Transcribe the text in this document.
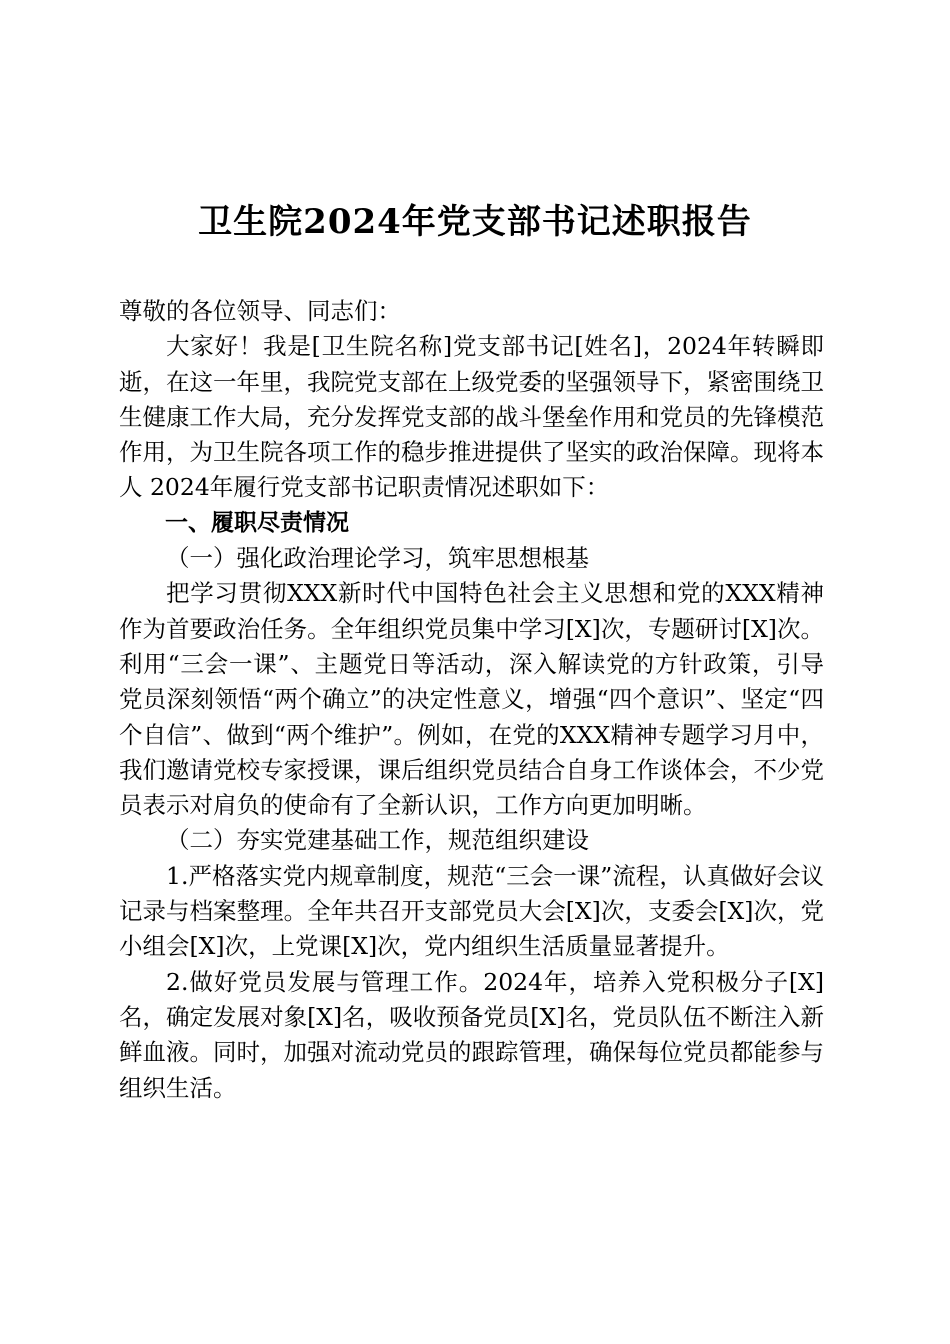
卫生院2024年党支部书记述职报告

尊敬的各位领导、同志们：

大家好！我是[卫生院名称]党支部书记[姓名]，2024年转瞬即逝，在这一年里，我院党支部在上级党委的坚强领导下，紧密围绕卫生健康工作大局，充分发挥党支部的战斗堡垒作用和党员的先锋模范作用，为卫生院各项工作的稳步推进提供了坚实的政治保障。现将本人 2024年履行党支部书记职责情况述职如下：

一、履职尽责情况

（一）强化政治理论学习，筑牢思想根基

把学习贯彻XXX新时代中国特色社会主义思想和党的XXX精神作为首要政治任务。全年组织党员集中学习[X]次，专题研讨[X]次。利用“三会一课”、主题党日等活动，深入解读党的方针政策，引导党员深刻领悟“两个确立”的决定性意义，增强“四个意识”、坚定“四个自信”、做到“两个维护”。例如，在党的XXX精神专题学习月中，我们邀请党校专家授课，课后组织党员结合自身工作谈体会，不少党员表示对肩负的使命有了全新认识，工作方向更加明晰。

（二）夯实党建基础工作，规范组织建设

1.严格落实党内规章制度，规范“三会一课”流程，认真做好会议记录与档案整理。全年共召开支部党员大会[X]次，支委会[X]次，党小组会[X]次，上党课[X]次，党内组织生活质量显著提升。

2.做好党员发展与管理工作。2024年，培养入党积极分子[X]名，确定发展对象[X]名，吸收预备党员[X]名，党员队伍不断注入新鲜血液。同时，加强对流动党员的跟踪管理，确保每位党员都能参与组织生活。
